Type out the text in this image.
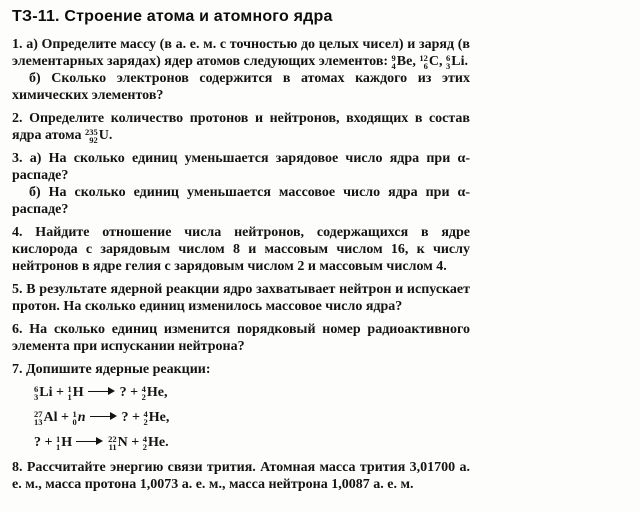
ТЗ-11. Строение атома и атомного ядра

1. а) Определите массу (в а. е. м. с точностью до целых чисел) и заряд (в элементарных зарядах) ядер атомов следующих элементов: 9
4 Be, 12
6 C, 6
3 Li.

б) Сколько электронов содержится в атомах каждого из этих химических элементов?

2. Определите количество протонов и нейтронов, входящих в состав ядра атома 235
92 U.

3. а) На сколько единиц уменьшается зарядовое число ядра при α-распаде?

б) На сколько единиц уменьшается массовое число ядра при α-распаде?

4. Найдите отношение числа нейтронов, содержащихся в ядре кислорода с зарядовым числом 8 и массовым числом 16, к числу нейтронов в ядре гелия с зарядовым числом 2 и массовым числом 4.

5. В результате ядерной реакции ядро захватывает нейтрон и испускает протон. На сколько единиц изменилось массовое число ядра?

6. На сколько единиц изменится порядковый номер радиоактивного элемента при испускании нейтрона?

7. Допишите ядерные реакции:

6
3 Li + 1
1 H	? + 4
2 He,
27
13 Al + 1
0 n	? + 4
2 He,
? + 1
1 H	22
11 N + 4
2 He.

8. Рассчитайте энергию связи трития. Атомная масса трития 3,01700 а. е. м., масса протона 1,0073 а. е. м., масса нейтрона 1,0087 а. е. м.
